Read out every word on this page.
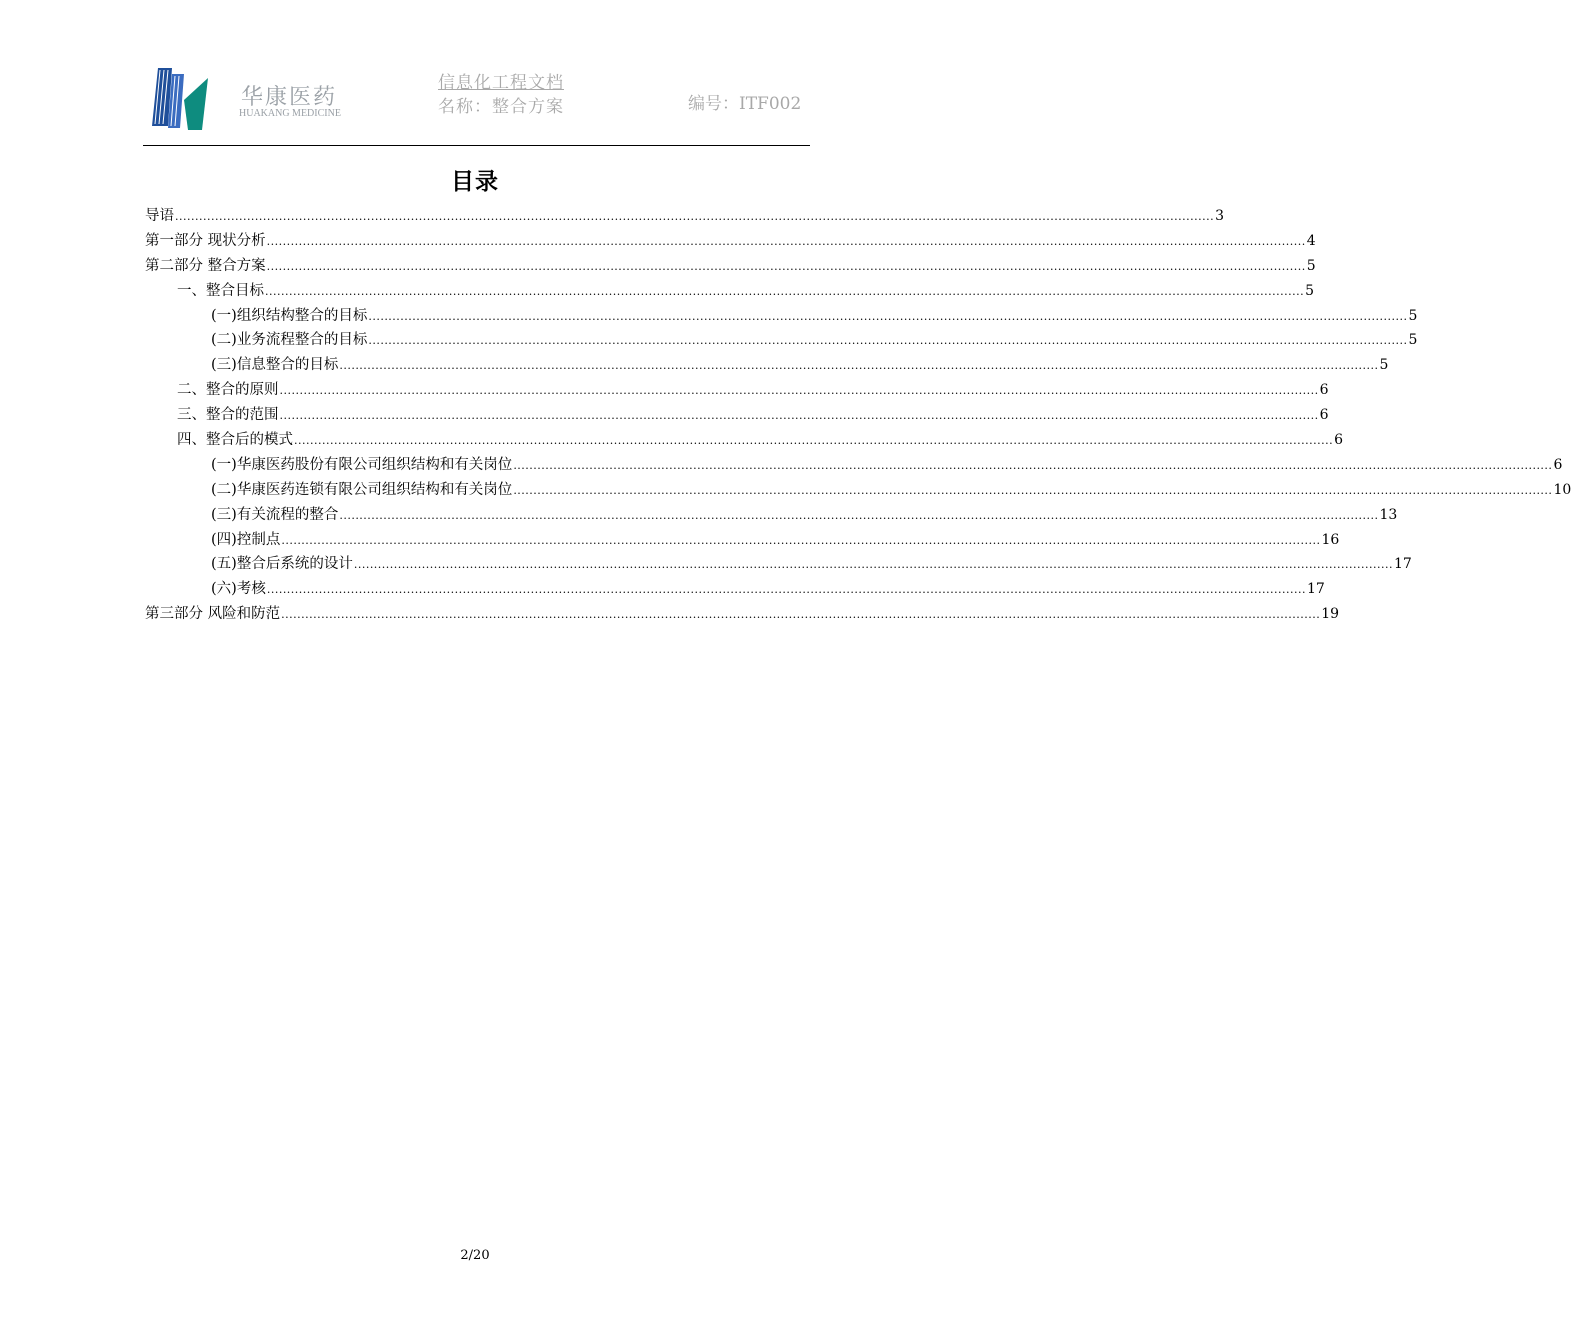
华康医药
HUAKANG MEDICINE
信息化工程文档
名称：整合方案	编号：ITF002
目录
导语 .................................................................................................................................................................................................................................................................... 3
第一部分 现状分析 .................................................................................................................................................................................................................................................................... 4
第二部分 整合方案 .................................................................................................................................................................................................................................................................... 5
一、整合目标 .................................................................................................................................................................................................................................................................... 5
(一)组织结构整合的目标 .................................................................................................................................................................................................................................................................... 5
(二)业务流程整合的目标 .................................................................................................................................................................................................................................................................... 5
(三)信息整合的目标 .................................................................................................................................................................................................................................................................... 5
二、整合的原则 .................................................................................................................................................................................................................................................................... 6
三、整合的范围 .................................................................................................................................................................................................................................................................... 6
四、整合后的模式 .................................................................................................................................................................................................................................................................... 6
(一)华康医药股份有限公司组织结构和有关岗位 .................................................................................................................................................................................................................................................................... 6
(二)华康医药连锁有限公司组织结构和有关岗位 .................................................................................................................................................................................................................................................................... 10
(三)有关流程的整合 .................................................................................................................................................................................................................................................................... 13
(四)控制点 .................................................................................................................................................................................................................................................................... 16
(五)整合后系统的设计 .................................................................................................................................................................................................................................................................... 17
(六)考核 .................................................................................................................................................................................................................................................................... 17
第三部分 风险和防范 .................................................................................................................................................................................................................................................................... 19
2/20
